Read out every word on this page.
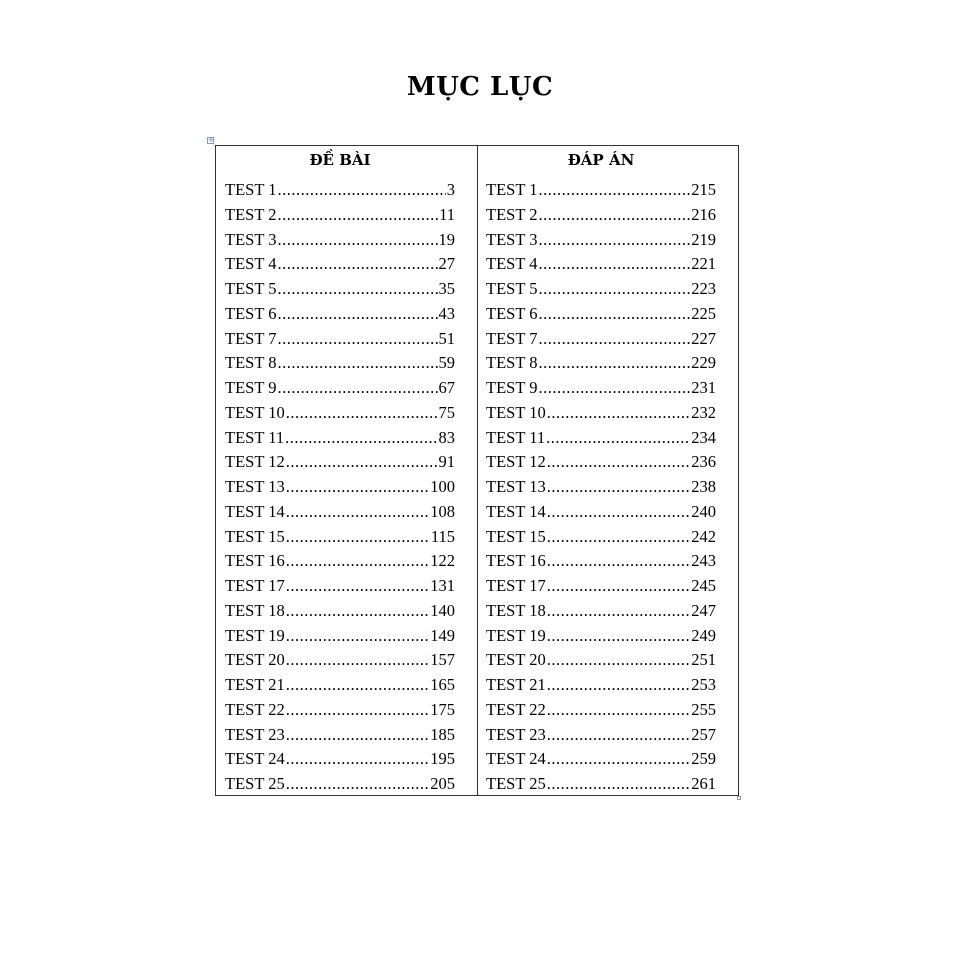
MỤC LỤC
+
ĐỀ BÀI
TEST 1 .....	3
TEST 2 .....	11
TEST 3 .....	19
TEST 4 .....	27
TEST 5 .....	35
TEST 6 .....	43
TEST 7 .....	51
TEST 8 .....	59
TEST 9 .....	67
TEST 10 .....	75
TEST 11 .....	83
TEST 12 .....	91
TEST 13 .....	100
TEST 14 .....	108
TEST 15 .....	115
TEST 16 .....	122
TEST 17 .....	131
TEST 18 .....	140
TEST 19 .....	149
TEST 20 .....	157
TEST 21 .....	165
TEST 22 .....	175
TEST 23 .....	185
TEST 24 .....	195
TEST 25 .....	205
ĐÁP ÁN
TEST 1 .....	215
TEST 2 .....	216
TEST 3 .....	219
TEST 4 .....	221
TEST 5 .....	223
TEST 6 .....	225
TEST 7 .....	227
TEST 8 .....	229
TEST 9 .....	231
TEST 10 .....	232
TEST 11 .....	234
TEST 12 .....	236
TEST 13 .....	238
TEST 14 .....	240
TEST 15 .....	242
TEST 16 .....	243
TEST 17 .....	245
TEST 18 .....	247
TEST 19 .....	249
TEST 20 .....	251
TEST 21 .....	253
TEST 22 .....	255
TEST 23 .....	257
TEST 24 .....	259
TEST 25 .....	261
